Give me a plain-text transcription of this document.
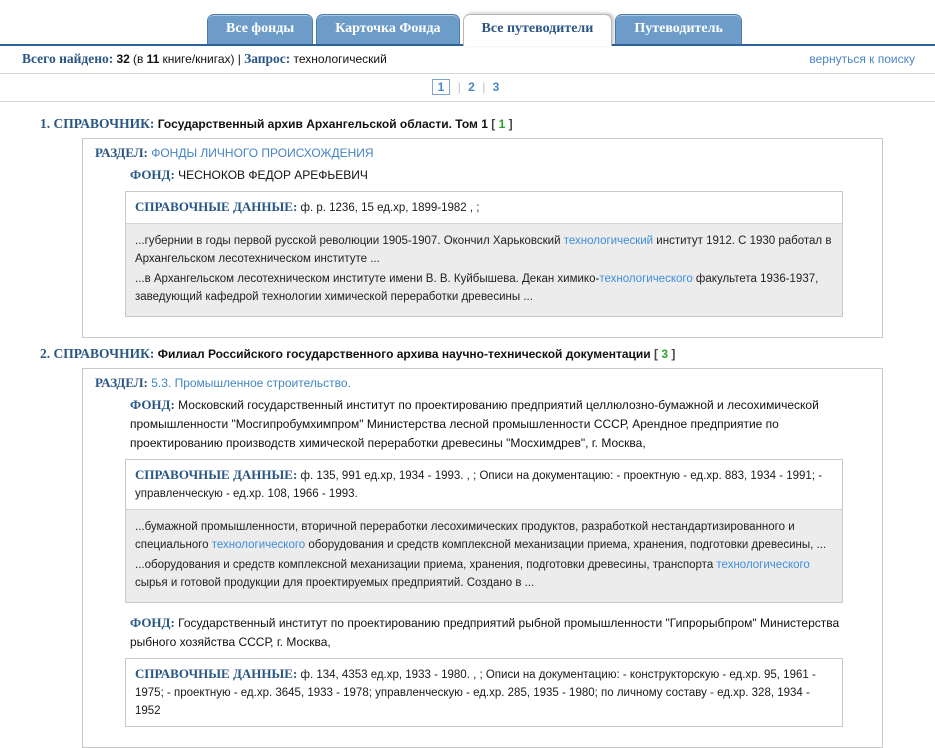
Все фонды	Карточка Фонда	Все путеводители	Путеводитель
Всего найдено: 32 (в 11 книге/книгах) | Запрос: технологический	вернуться к поиску
1 | 2 | 3
1. СПРАВОЧНИК: Государственный архив Архангельской области. Том 1 [ 1 ]
РАЗДЕЛ: ФОНДЫ ЛИЧНОГО ПРОИСХОЖДЕНИЯ
ФОНД: ЧЕСНОКОВ ФЕДОР АРЕФЬЕВИЧ
СПРАВОЧНЫЕ ДАННЫЕ: ф. р. 1236, 15 ед.хр, 1899-1982 , ;

...губернии в годы первой русской революции 1905-1907. Окончил Харьковский технологический институт 1912. С 1930 работал в Архангельском лесотехническом институте ...

...в Архангельском лесотехническом институте имени В. В. Куйбышева. Декан химико-технологического факультета 1936-1937, заведующий кафедрой технологии химической переработки древесины ...

2. СПРАВОЧНИК: Филиал Российского государственного архива научно-технической документации [ 3 ]
РАЗДЕЛ: 5.3. Промышленное строительство.
ФОНД: Московский государственный институт по проектированию предприятий целлюлозно-бумажной и лесохимической промышленности "Мосгипробумхимпром" Министерства лесной промышленности СССР, Арендное предприятие по проектированию производств химической переработки древесины "Мосхимдрев", г. Москва,
СПРАВОЧНЫЕ ДАННЫЕ: ф. 135, 991 ед.хр, 1934 - 1993. , ; Описи на документацию: - проектную - ед.хр. 883, 1934 - 1991; - управленческую - ед.хр. 108, 1966 - 1993.

...бумажной промышленности, вторичной переработки лесохимических продуктов, разработкой нестандартизированного и специального технологического оборудования и средств комплексной механизации приема, хранения, подготовки древесины, ...

...оборудования и средств комплексной механизации приема, хранения, подготовки древесины, транспорта технологического сырья и готовой продукции для проектируемых предприятий. Создано в ...

ФОНД: Государственный институт по проектированию предприятий рыбной промышленности "Гипрорыбпром" Министерства рыбного хозяйства СССР, г. Москва,
СПРАВОЧНЫЕ ДАННЫЕ: ф. 134, 4353 ед.хр, 1933 - 1980. , ; Описи на документацию: - конструкторскую - ед.хр. 95, 1961 - 1975; - проектную - ед.хр. 3645, 1933 - 1978; управленческую - ед.хр. 285, 1935 - 1980; по личному составу - ед.хр. 328, 1934 - 1952
